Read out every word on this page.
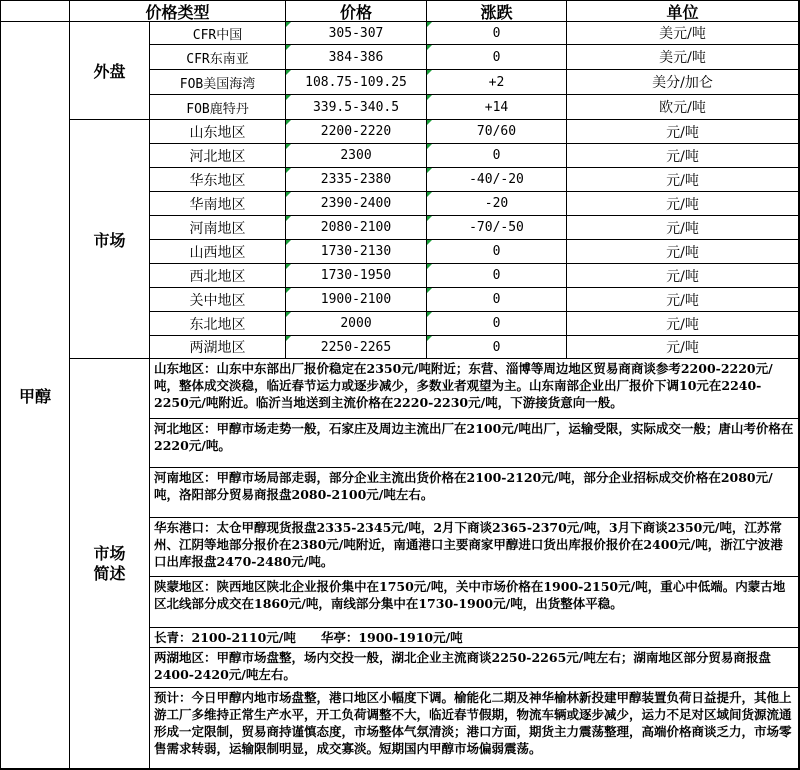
价格类型	价格	涨跌	单位
甲醇
外盘
CFR中国	305-307	0	美元/吨
CFR东南亚	384-386	0	美元/吨
FOB美国海湾	108.75-109.25	+2	美分/加仑
FOB鹿特丹	339.5-340.5	+14	欧元/吨
市场
山东地区	2200-2220	70/60	元/吨
河北地区	2300	0	元/吨
华东地区	2335-2380	-40/-20	元/吨
华南地区	2390-2400	-20	元/吨
河南地区	2080-2100	-70/-50	元/吨
山西地区	1730-2130	0	元/吨
西北地区	1730-1950	0	元/吨
关中地区	1900-2100	0	元/吨
东北地区	2000	0	元/吨
两湖地区	2250-2265	0	元/吨
市场
简述
山东地区：山东中东部出厂报价稳定在2350元/吨附近；东营、淄博等周边地区贸易商商谈参考2200-2220元/吨，整体成交淡稳，临近春节运力或逐步减少，多数业者观望为主。山东南部企业出厂报价下调10元在2240-2250元/吨附近。临沂当地送到主流价格在2220-2230元/吨，下游接货意向一般。
河北地区：甲醇市场走势一般，石家庄及周边主流出厂在2100元/吨出厂，运输受限，实际成交一般；唐山考价格在2220元/吨。
河南地区：甲醇市场局部走弱，部分企业主流出货价格在2100-2120元/吨，部分企业招标成交价格在2080元/吨，洛阳部分贸易商报盘2080-2100元/吨左右。
华东港口：太仓甲醇现货报盘2335-2345元/吨，2月下商谈2365-2370元/吨，3月下商谈2350元/吨，江苏常州、江阴等地部分报价在2380元/吨附近，南通港口主要商家甲醇进口货出库报价报价在2400元/吨，浙江宁波港口出库报盘2470-2480元/吨。
陕蒙地区：陕西地区陕北企业报价集中在1750元/吨，关中市场价格在1900-2150元/吨，重心中低端。内蒙古地区北线部分成交在1860元/吨，南线部分集中在1730-1900元/吨，出货整体平稳。
长青：2100-2110元/吨　　华亭：1900-1910元/吨
两湖地区：甲醇市场盘整，场内交投一般，湖北企业主流商谈2250-2265元/吨左右；湖南地区部分贸易商报盘2400-2420元/吨左右。
预计：今日甲醇内地市场盘整，港口地区小幅度下调。榆能化二期及神华榆林新投建甲醇装置负荷日益提升，其他上游工厂多维持正常生产水平，开工负荷调整不大，临近春节假期，物流车辆或逐步减少，运力不足对区域间货源流通形成一定限制，贸易商持谨慎态度，市场整体气氛清淡；港口方面，期货主力震荡整理，高端价格商谈乏力，市场零售需求转弱，运输限制明显，成交寡淡。短期国内甲醇市场偏弱震荡。
